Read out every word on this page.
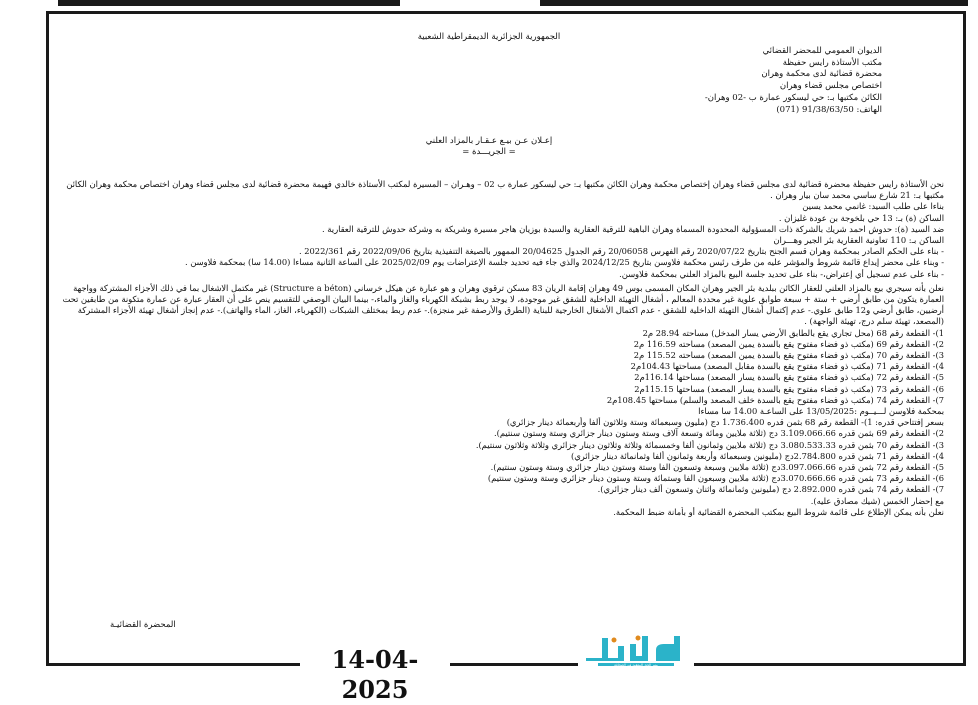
الجمهورية الجزائرية الديمقراطية الشعبية
الديوان العمومي للمحضر القضائي
مكتب الأستاذة رايس حفيظة
محضرة قضائية لدى محكمة وهران
اختصاص مجلس قضاء وهران
الكائن مكتبها بـ: حي ليسكور عمارة ب -02 وهران-
الهاتف: 91/38/63/50 (071)
إعـلان عـن بيـع عـقـار بالمزاد العلني
= الجريـــدة =
نحن الأستاذة رايس حفيظة محضرة قضائية لدى مجلس قضاء وهران إختصاص محكمة وهران الكائن مكتبها بـ: حي ليسكور عمارة ب 02 – وهـران – المسيرة لمكتب الأستاذة خالدي فهيمة محضرة قضائية لدى مجلس قضاء وهران اختصاص محكمة وهران الكائن مكتبها بـ: 21 شارع ساسي محمد سان بيار وهران .
بناءا على طلب السيد: غانمي محمد يسين
الساكن (ة) بـ: 13 حي بلخوجة بن عودة غليزان .
ضد السيد (ة): حدوش احمد شريك بالشركة ذات المسؤولية المحدودة المسماة وهران الباهية للترقية العقارية والسيدة بوزيان هاجر مسيرة وشريكة به وشركة حدوش للترقية العقارية .
الساكن بـ: 110 تعاونية العقارية بئر الجير وهـــران
- بناء على الحكم الصادر بمحكمة وهران قسم الجنح بتاريخ 2020/07/22 رقم الفهرس 20/06058 رقم الجدول 20/04625 الممهور بالصيغة التنفيذية بتاريخ 2022/09/06 رقم 2022/361 .
- وبناء على محضر إيداع قائمة شروط والمؤشر عليه من طرف رئيس محكمة فلاوسن بتاريخ 2024/12/25 والذي جاء فيه تحديد جلسة الإعتراضات يوم 2025/02/09 على الساعة الثانية مساءا (14.00 سا) بمحكمة فلاوسن .
- بناء على عدم تسجيل أي إعتراض،- بناء على تحديد جلسة البيع بالمزاد العلني بمحكمة فلاوسن.
نعلن بأنه سيجري بيع بالمزاد العلني للعقار الكائن ببلدية بئر الجير وهران المكان المسمى بوس 49 وهران إقامة الريان 83 مسكن ترقوي وهران و هو عبارة عن هيكل خرساني (Structure a béton) غير مكتمل الاشغال بما في ذلك الأجزاء المشتركة وواجهة العمارة يتكون من طابق أرضي + ستة + سبعة طوابق علوية غير محددة المعالم ، أشغال التهيئة الداخلية للشقق غير موجودة، لا يوجد ربط بشبكة الكهرباء والغاز والماء،- بينما البيان الوصفي للتقسيم ينص على أن العقار عبارة عن عمارة متكونة من طابقين تحت أرضيين، طابق أرضي و12 طابق علوي.- عدم إكتمال أشغال التهيئة الداخلية للشقق - عدم اكتمال الأشغال الخارجية للبناية (الطرق والأرصفة غير منجزة).- عدم ربط بمختلف الشبكات (الكهرباء، الغاز، الماء والهاتف).- عدم إنجاز أشغال تهيئة الأجزاء المشتركة (المصعد، تهيئة سلم درج، تهيئة الواجهة) .
1)- القطعة رقم 68 (محل تجاري يقع بالطابق الأرضي يسار المدخل) مساحته 28.94 م2
2)- القطعة رقم 69 (مكتب ذو فضاء مفتوح يقع بالسدة يمين المصعد) مساحته 116.59 م2
3)- القطعة رقم 70 (مكتب ذو فضاء مفتوح يقع بالسدة يمين المصعد) مساحته 115.52 م2
4)- القطعة رقم 71 (مكتب ذو فضاء مفتوح يقع بالسدة مقابل المصعد) مساحتها 104.43م2
5)- القطعة رقم 72 (مكتب ذو فضاء مفتوح يقع بالسدة يسار المصعد) مساحتها 116.14م2
6)- القطعة رقم 73 (مكتب ذو فضاء مفتوح يقع بالسدة يسار المصعد) مساحتها 115.15م2
7)- القطعة رقم 74 (مكتب ذو فضاء مفتوح يقع بالسدة خلف المصعد والسلم) مساحتها 108.45م2
بمحكمة فلاوسن لـــيــوم :13/05/2025 على الساعـة 14.00 سا مساءا
بسعر إفتتاحي قدره: 1)- القطعة رقم 68 بثمن قدره 1.736.400 دج (مليون وسبعمائة وستة وثلاثون ألفا وأربعمائة دينار جزائري)
2)- القطعة رقم 69 بثمن قدره 3.109.066.66 دج (ثلاثة ملايين ومائة وتسعة آلاف وستة وستون دينار جزائري وستة وستون سنتيم).
3)- القطعة رقم 70 بثمن قدره 3.080.533.33 دج (ثلاثة ملايين وثمانون ألفا وخمسمائة وثلاثة وثلاثون دينار جزائري وثلاثة وثلاثون سنتيم).
4)- القطعة رقم 71 بثمن قدره 2.784.800دج (مليونين وسبعمائة وأربعة وثمانون ألفا وثمانمائة دينار جزائري)
5)- القطعة رقم 72 بثمن قدره 3.097.066.66دج (ثلاثة ملايين وسبعة وتسعون الفا وستة وستون دينار جزائري وستة وستون سنتيم).
6)- القطعة رقم 73 بثمن قدره 3.070.666.66دج (ثلاثة ملايين وسبعون الفا وستمائة وستة وستون دينار جزائري وستة وستون سنتيم)
7)- القطعة رقم 74 بثمن قدره 2.892.000 دج (مليونين وثمانمائة واثنان وتسعون ألف دينار جزائري).
مع إحضار الخمس (شيك مصادق عليه).
نعلن بأنه يمكن الإطلاع على قائمة شروط البيع بمكتب المحضرة القضائية أو بأمانة ضبط المحكمة.
المحضرة القضائيـة
منبر الحق المفقود في الصحافة
14-04-2025
